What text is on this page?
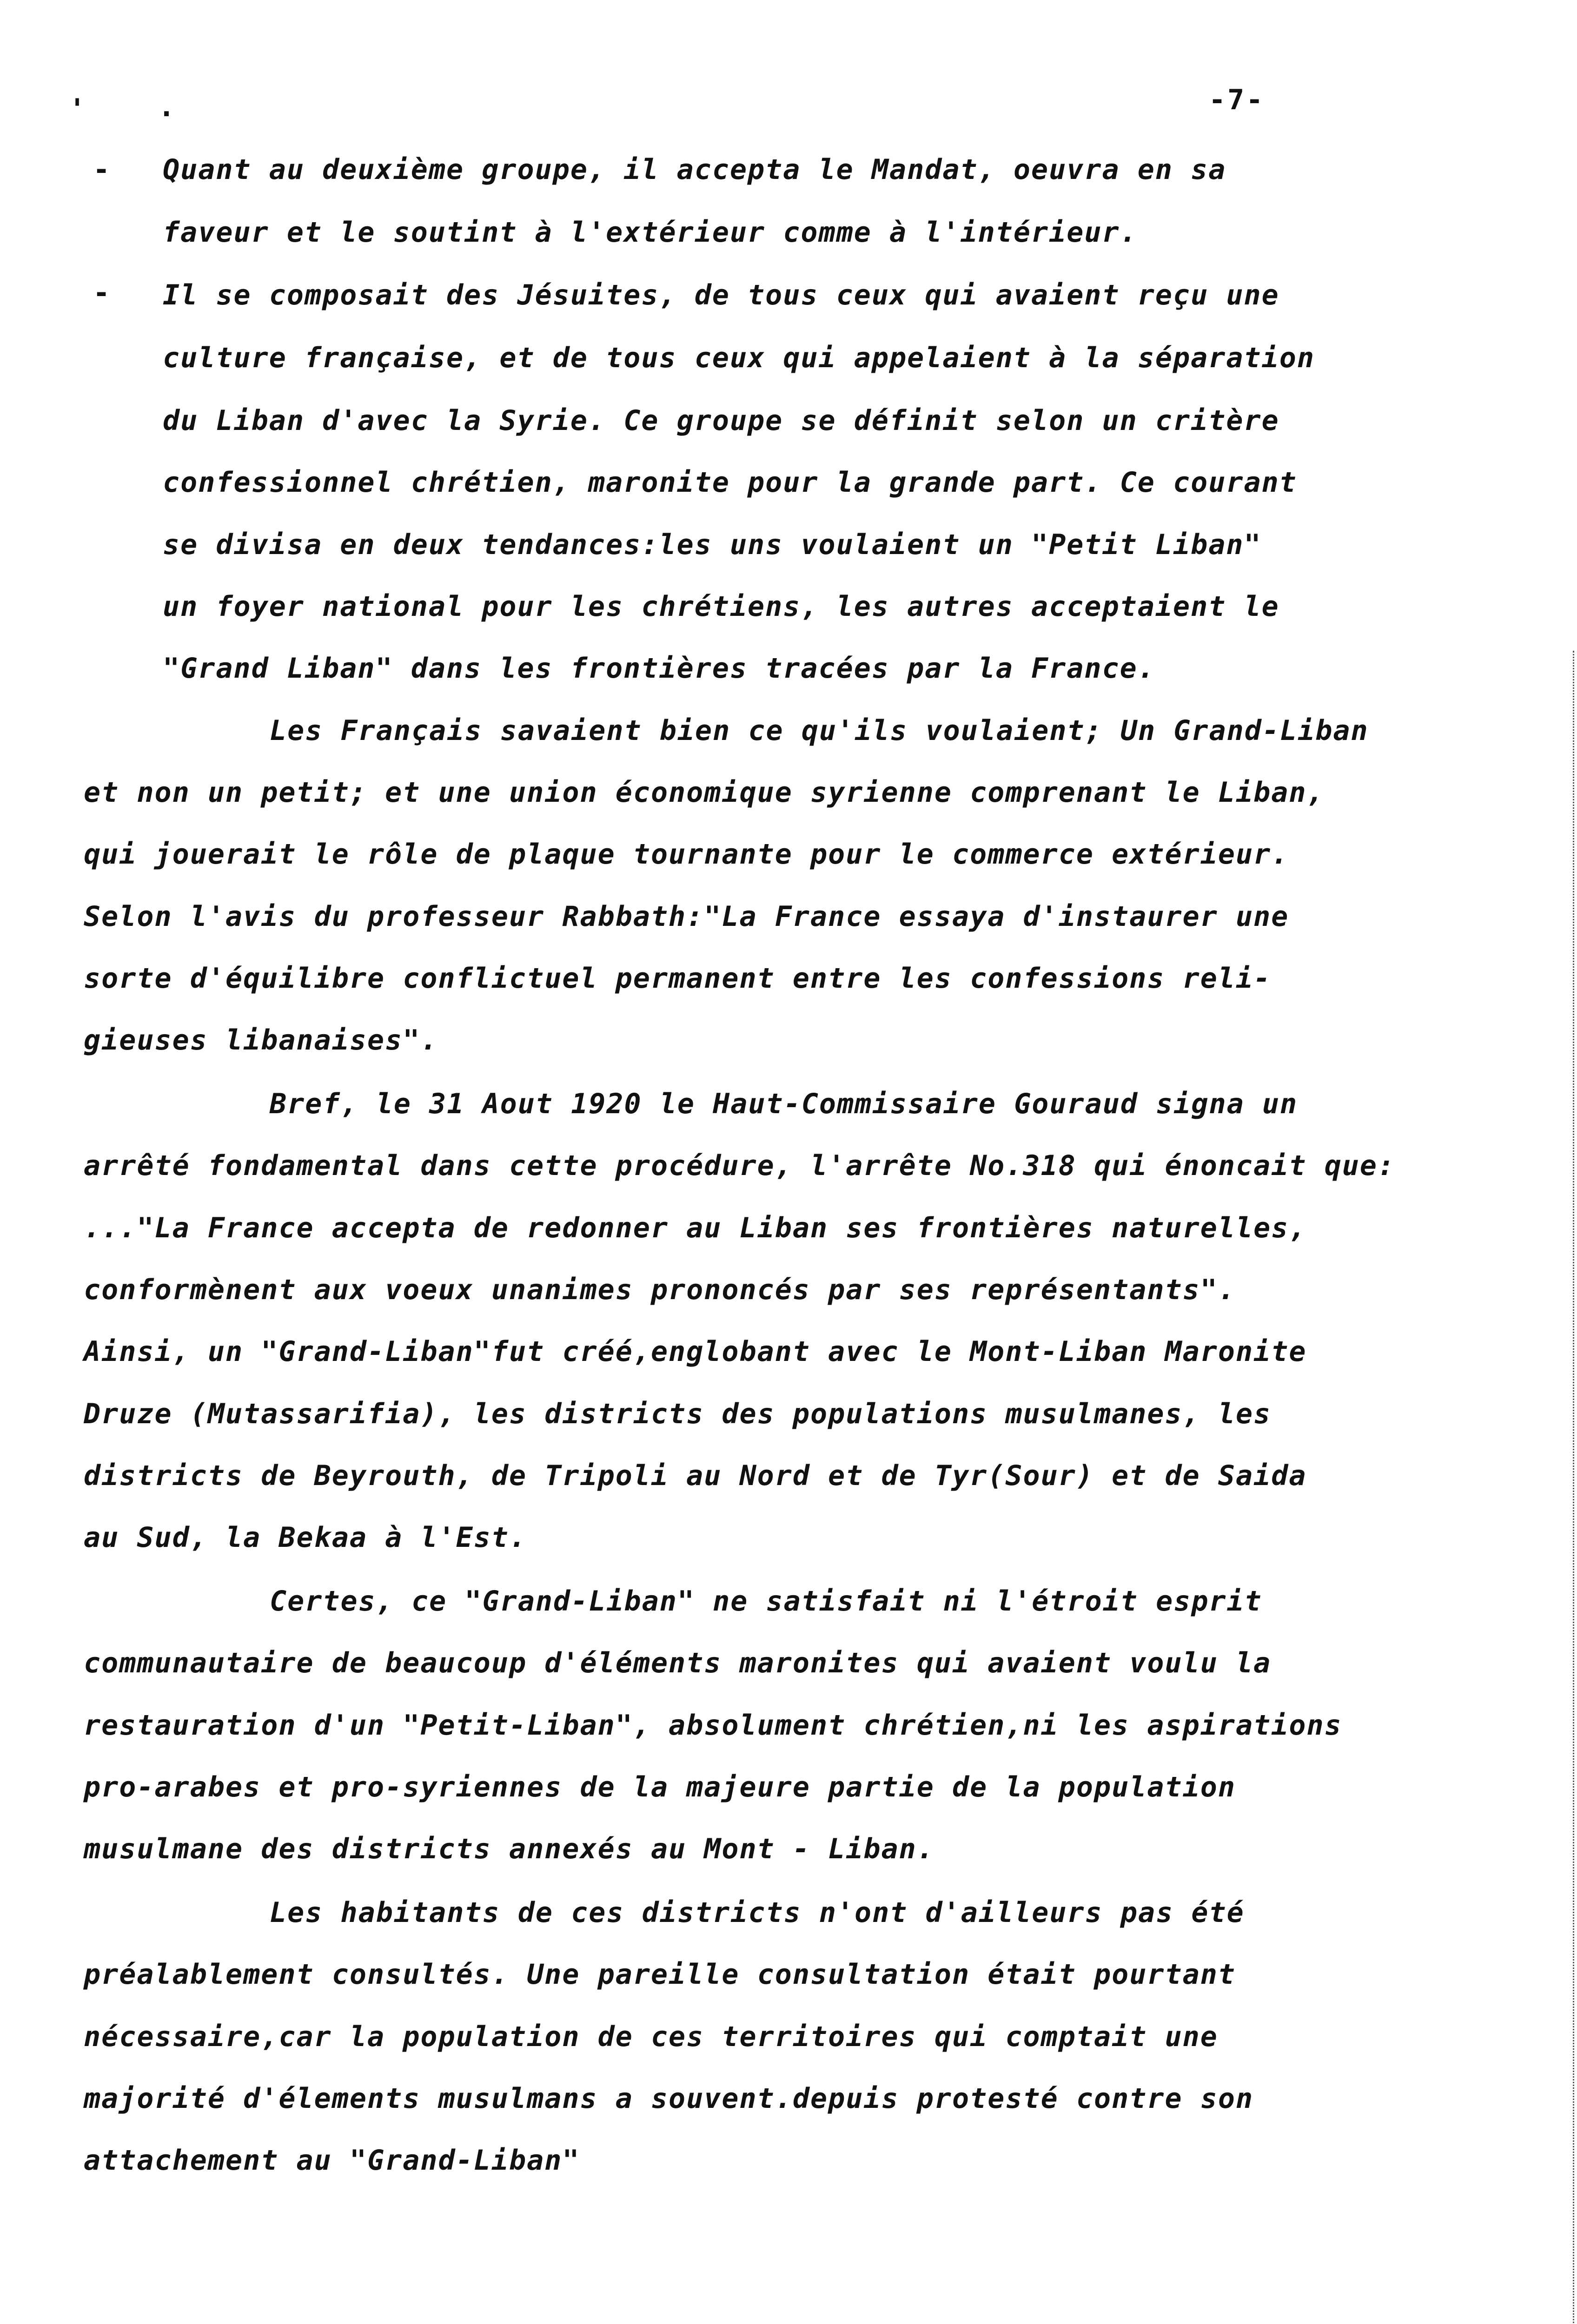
-7-
'	.
-
-
Quant au deuxième groupe, il accepta le Mandat, oeuvra en sa
faveur et le soutint à l'extérieur comme à l'intérieur.
Il se composait des Jésuites, de tous ceux qui avaient reçu une
culture française, et de tous ceux qui appelaient à la séparation
du Liban d'avec la Syrie. Ce groupe se définit selon un critère
confessionnel chrétien, maronite pour la grande part. Ce courant
se divisa en deux tendances:les uns voulaient un "Petit Liban"
un foyer national pour les chrétiens, les autres acceptaient le
"Grand Liban" dans les frontières tracées par la France.
Les Français savaient bien ce qu'ils voulaient; Un Grand-Liban
et non un petit; et une union économique syrienne comprenant le Liban,
qui jouerait le rôle de plaque tournante pour le commerce extérieur.
Selon l'avis du professeur Rabbath:"La France essaya d'instaurer une
sorte d'équilibre conflictuel permanent entre les confessions reli-
gieuses libanaises".
Bref, le 31 Aout 1920 le Haut-Commissaire Gouraud signa un
arrêté fondamental dans cette procédure, l'arrête No.318 qui énoncait que:
..."La France accepta de redonner au Liban ses frontières naturelles,
conformènent aux voeux unanimes prononcés par ses représentants".
Ainsi, un "Grand-Liban"fut créé,englobant avec le Mont-Liban Maronite
Druze (Mutassarifia), les districts des populations musulmanes, les
districts de Beyrouth, de Tripoli au Nord et de Tyr(Sour) et de Saida
au Sud, la Bekaa à l'Est.
Certes, ce "Grand-Liban" ne satisfait ni l'étroit esprit
communautaire de beaucoup d'éléments maronites qui avaient voulu la
restauration d'un "Petit-Liban", absolument chrétien,ni les aspirations
pro-arabes et pro-syriennes de la majeure partie de la population
musulmane des districts annexés au Mont - Liban.
Les habitants de ces districts n'ont d'ailleurs pas été
préalablement consultés. Une pareille consultation était pourtant
nécessaire,car la population de ces territoires qui comptait une
majorité d'élements musulmans a souvent.depuis protesté contre son
attachement au "Grand-Liban"
